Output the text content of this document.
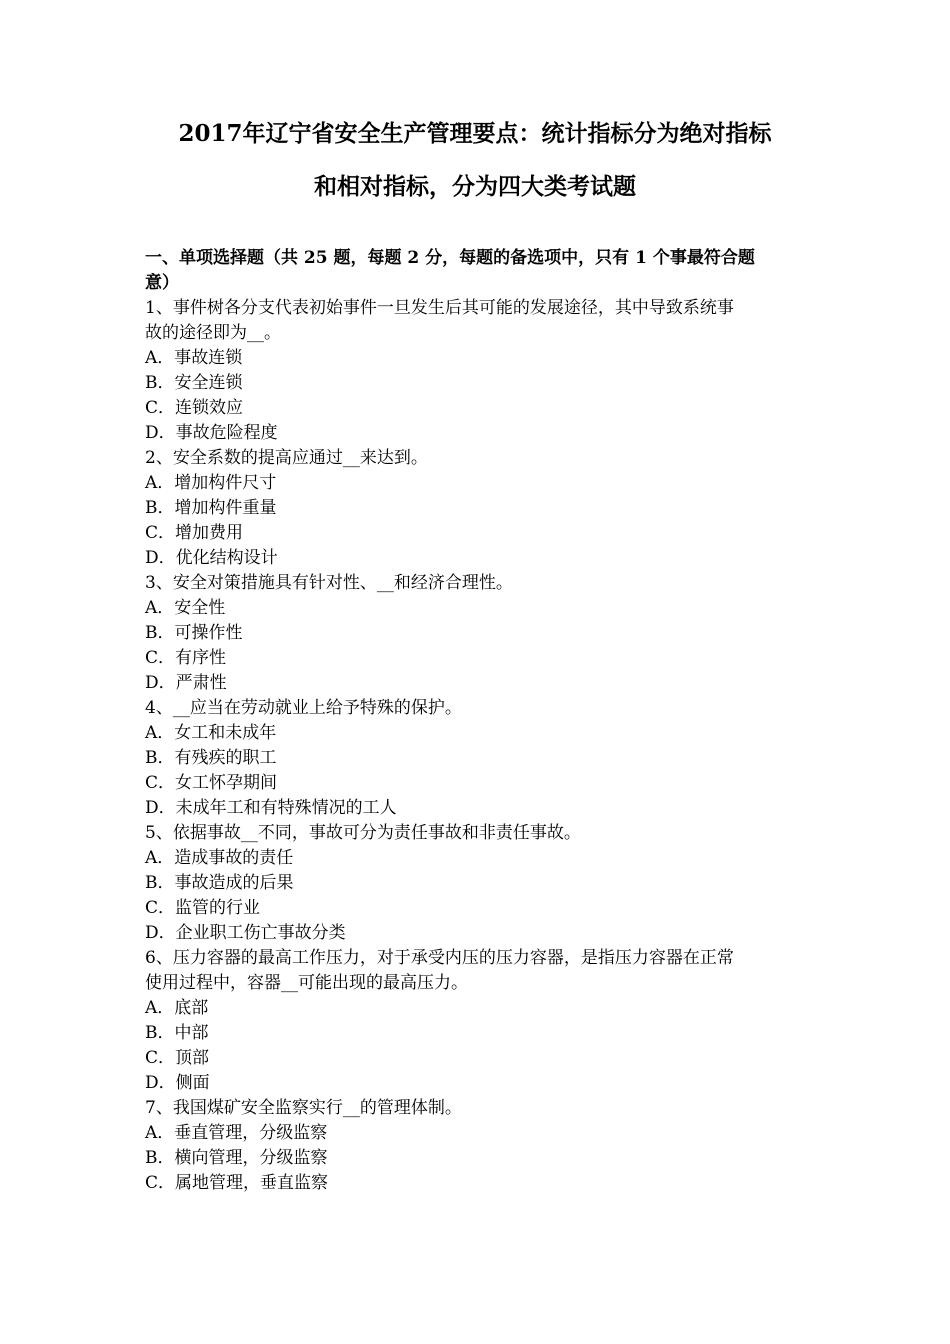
2017年辽宁省安全生产管理要点：统计指标分为绝对指标
和相对指标，分为四大类考试题

一、单项选择题（共 25 题，每题 2 分，每题的备选项中，只有 1 个事最符合题

意）

1、事件树各分支代表初始事件一旦发生后其可能的发展途径，其中导致系统事

故的途径即为__。

A．事故连锁

B．安全连锁

C．连锁效应

D．事故危险程度

2、安全系数的提高应通过__来达到。

A．增加构件尺寸

B．增加构件重量

C．增加费用

D．优化结构设计

3、安全对策措施具有针对性、__和经济合理性。

A．安全性

B．可操作性

C．有序性

D．严肃性

4、__应当在劳动就业上给予特殊的保护。

A．女工和未成年

B．有残疾的职工

C．女工怀孕期间

D．未成年工和有特殊情况的工人

5、依据事故__不同，事故可分为责任事故和非责任事故。

A．造成事故的责任

B．事故造成的后果

C．监管的行业

D．企业职工伤亡事故分类

6、压力容器的最高工作压力，对于承受内压的压力容器，是指压力容器在正常

使用过程中，容器__可能出现的最高压力。

A．底部

B．中部

C．顶部

D．侧面

7、我国煤矿安全监察实行__的管理体制。

A．垂直管理，分级监察

B．横向管理，分级监察

C．属地管理，垂直监察
